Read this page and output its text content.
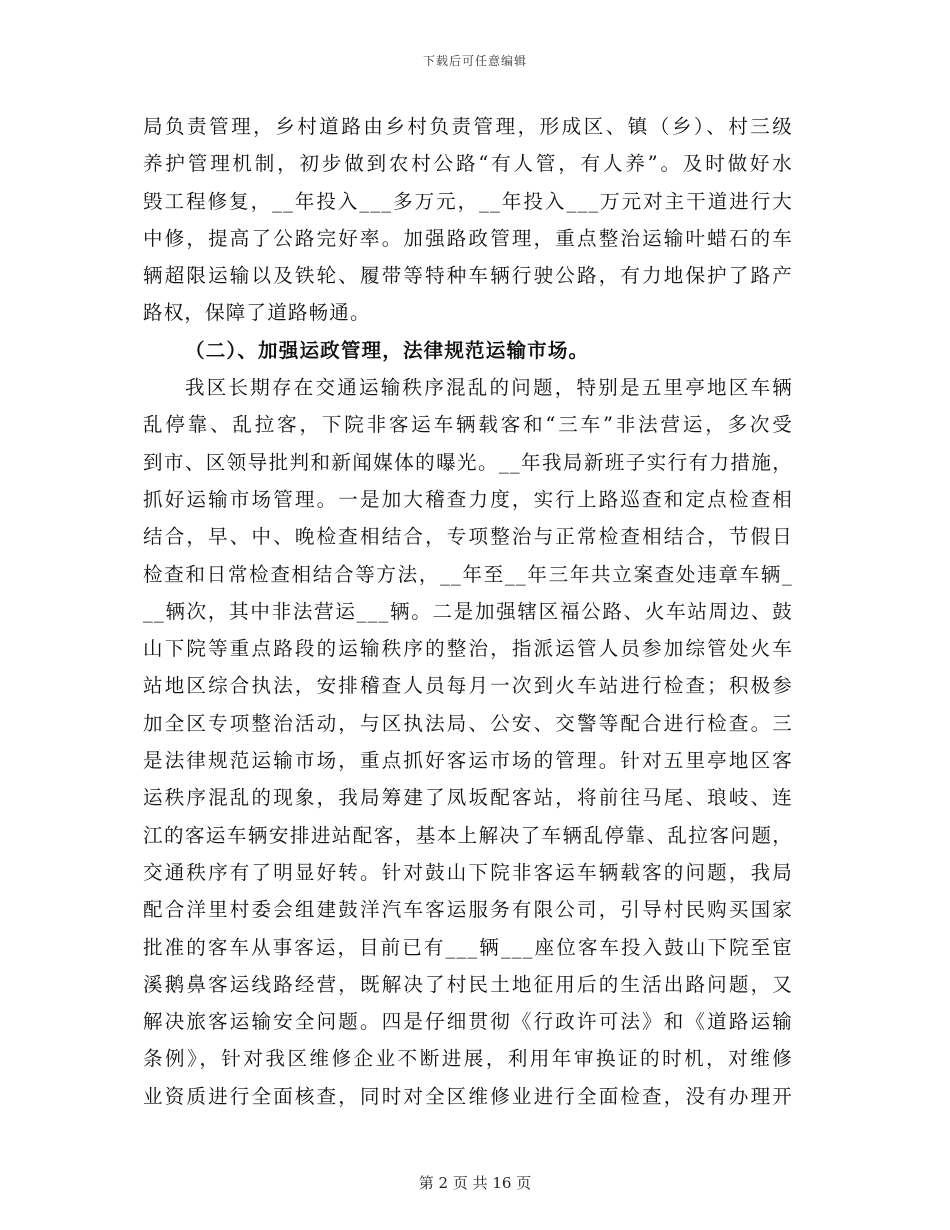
下载后可任意编辑
局负责管理，乡村道路由乡村负责管理，形成区、镇（乡）、村三级
养护管理机制，初步做到农村公路“有人管，有人养”。及时做好水
毁工程修复，__年投入___多万元，__年投入___万元对主干道进行大
中修，提高了公路完好率。加强路政管理，重点整治运输叶蜡石的车
辆超限运输以及铁轮、履带等特种车辆行驶公路，有力地保护了路产
路权，保障了道路畅通。
（二）、加强运政管理，法律规范运输市场。
我区长期存在交通运输秩序混乱的问题，特别是五里亭地区车辆
乱停靠、乱拉客，下院非客运车辆载客和“三车”非法营运，多次受
到市、区领导批判和新闻媒体的曝光。__年我局新班子实行有力措施，
抓好运输市场管理。一是加大稽查力度，实行上路巡查和定点检查相
结合，早、中、晚检查相结合，专项整治与正常检查相结合，节假日
检查和日常检查相结合等方法，__年至__年三年共立案查处违章车辆_
__辆次，其中非法营运___辆。二是加强辖区福公路、火车站周边、鼓
山下院等重点路段的运输秩序的整治，指派运管人员参加综管处火车
站地区综合执法，安排稽查人员每月一次到火车站进行检查；积极参
加全区专项整治活动，与区执法局、公安、交警等配合进行检查。三
是法律规范运输市场，重点抓好客运市场的管理。针对五里亭地区客
运秩序混乱的现象，我局筹建了凤坂配客站，将前往马尾、琅岐、连
江的客运车辆安排进站配客，基本上解决了车辆乱停靠、乱拉客问题，
交通秩序有了明显好转。针对鼓山下院非客运车辆载客的问题，我局
配合洋里村委会组建鼓洋汽车客运服务有限公司，引导村民购买国家
批准的客车从事客运，目前已有___辆___座位客车投入鼓山下院至宦
溪鹅鼻客运线路经营，既解决了村民土地征用后的生活出路问题，又
解决旅客运输安全问题。四是仔细贯彻《行政许可法》和《道路运输
条例》，针对我区维修企业不断进展，利用年审换证的时机，对维修
业资质进行全面核查，同时对全区维修业进行全面检查，没有办理开
第 2 页 共 16 页
